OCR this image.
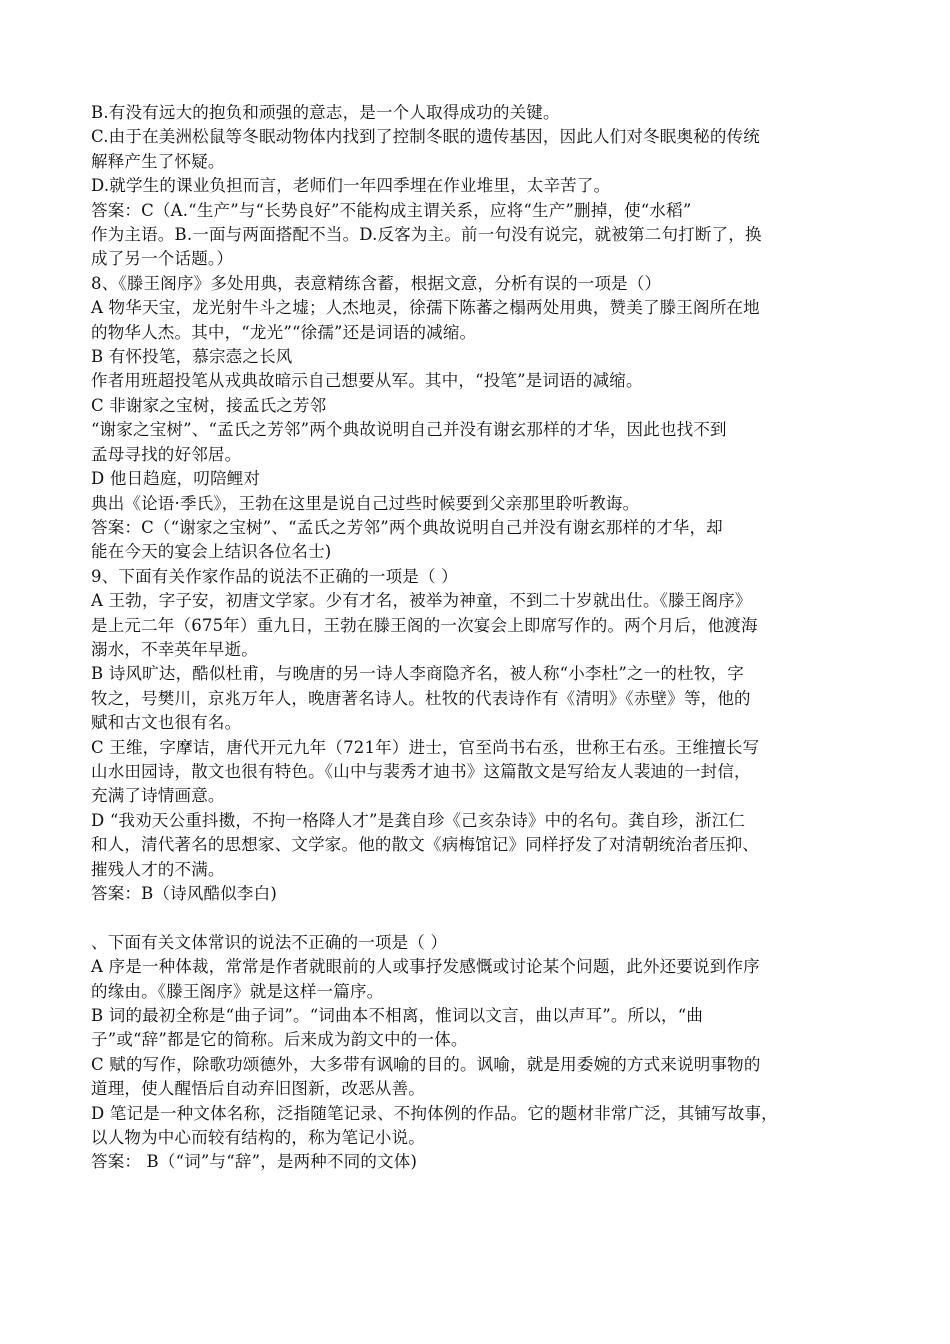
B.有没有远大的抱负和顽强的意志，是一个人取得成功的关键。
C.由于在美洲松鼠等冬眠动物体内找到了控制冬眠的遗传基因，因此人们对冬眠奥秘的传统
解释产生了怀疑。
D.就学生的课业负担而言，老师们一年四季埋在作业堆里，太辛苦了。
答案：C（A.“生产”与“长势良好”不能构成主谓关系，应将“生产”删掉，使“水稻”
作为主语。B.一面与两面搭配不当。D.反客为主。前一句没有说完，就被第二句打断了，换
成了另一个话题。）
8、《滕王阁序》多处用典，表意精练含蓄，根据文意，分析有误的一项是（）
A 物华天宝，龙光射牛斗之墟；人杰地灵，徐孺下陈蕃之榻两处用典，赞美了滕王阁所在地
的物华人杰。其中，“龙光”“徐孺”还是词语的减缩。
B 有怀投笔，慕宗悫之长风
作者用班超投笔从戎典故暗示自己想要从军。其中，“投笔”是词语的减缩。
C 非谢家之宝树，接孟氏之芳邻
“谢家之宝树”、“孟氏之芳邻”两个典故说明自己并没有谢玄那样的才华，因此也找不到
孟母寻找的好邻居。
D 他日趋庭，叨陪鲤对
典出《论语·季氏》，王勃在这里是说自己过些时候要到父亲那里聆听教诲。
答案：C（“谢家之宝树”、“孟氏之芳邻”两个典故说明自己并没有谢玄那样的才华，却
能在今天的宴会上结识各位名士)
9、下面有关作家作品的说法不正确的一项是（ ）
A 王勃，字子安，初唐文学家。少有才名，被举为神童，不到二十岁就出仕。《滕王阁序》
是上元二年（675年）重九日，王勃在滕王阁的一次宴会上即席写作的。两个月后，他渡海
溺水，不幸英年早逝。
B 诗风旷达，酷似杜甫，与晚唐的另一诗人李商隐齐名，被人称“小李杜”之一的杜牧，字
牧之，号樊川，京兆万年人，晚唐著名诗人。杜牧的代表诗作有《清明》《赤壁》等，他的
赋和古文也很有名。
C 王维，字摩诘，唐代开元九年（721年）进士，官至尚书右丞，世称王右丞。王维擅长写
山水田园诗，散文也很有特色。《山中与裴秀才迪书》这篇散文是写给友人裴迪的一封信，
充满了诗情画意。
D “我劝天公重抖擞，不拘一格降人才”是龚自珍《己亥杂诗》中的名句。龚自珍，浙江仁
和人，清代著名的思想家、文学家。他的散文《病梅馆记》同样抒发了对清朝统治者压抑、
摧残人才的不满。
答案：B（诗风酷似李白)
、下面有关文体常识的说法不正确的一项是（ ）
A 序是一种体裁，常常是作者就眼前的人或事抒发感慨或讨论某个问题，此外还要说到作序
的缘由。《滕王阁序》就是这样一篇序。
B 词的最初全称是“曲子词”。“词曲本不相离，惟词以文言，曲以声耳”。所以，“曲
子”或“辞”都是它的简称。后来成为韵文中的一体。
C 赋的写作，除歌功颂德外，大多带有讽喻的目的。讽喻，就是用委婉的方式来说明事物的
道理，使人醒悟后自动弃旧图新，改恶从善。
D 笔记是一种文体名称，泛指随笔记录、不拘体例的作品。它的题材非常广泛，其铺写故事，
以人物为中心而较有结构的，称为笔记小说。
答案： B（“词”与“辞”，是两种不同的文体)
